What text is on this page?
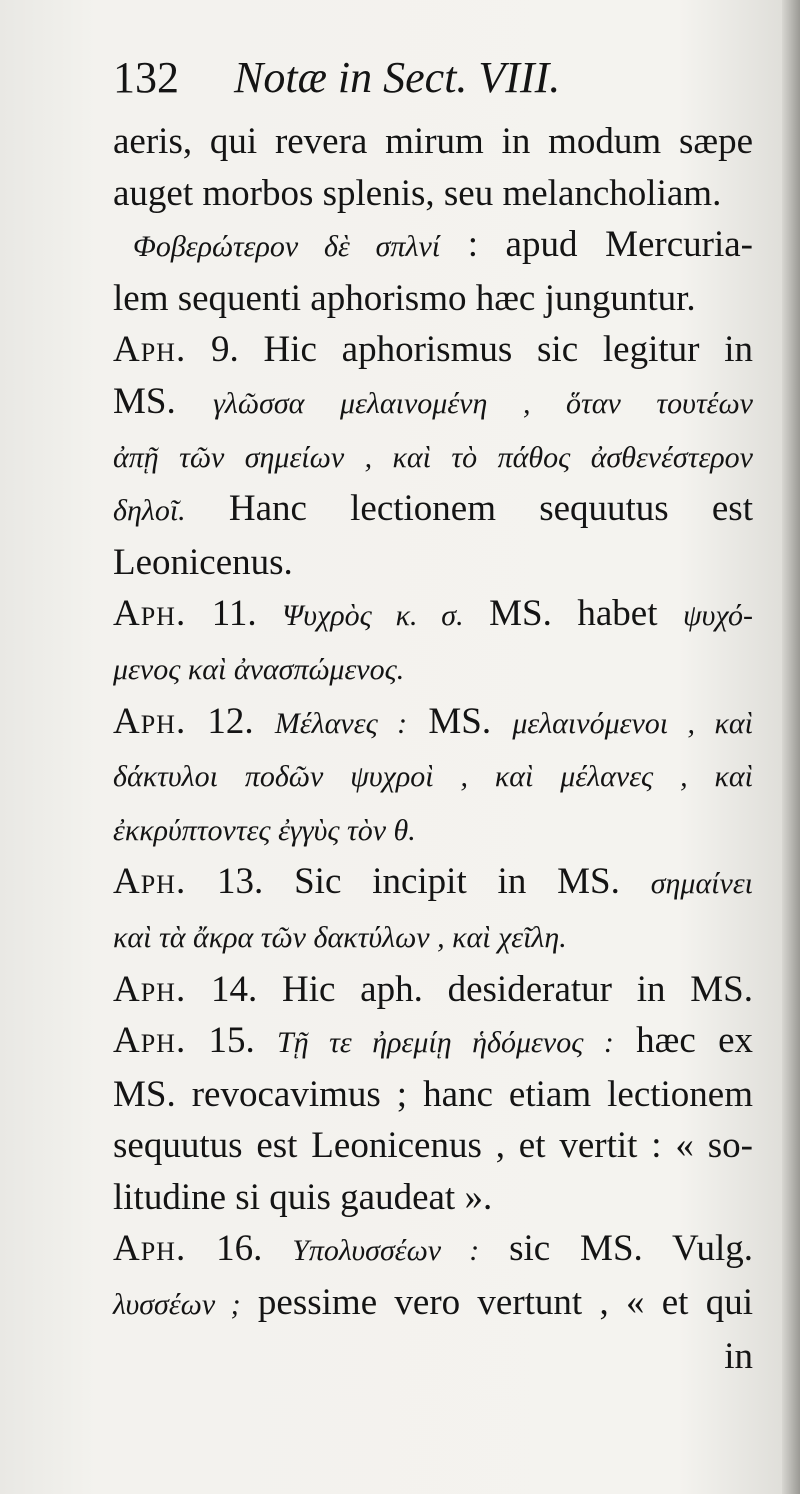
132 Notæ in Sect. VIII.
aeris, qui revera mirum in modum sæpe
auget morbos splenis, seu melancholiam.
Φοβερώτερον δὲ σπλνί : apud Mercuria-
lem sequenti aphorismo hæc junguntur.
Aph. 9. Hic aphorismus sic legitur in
MS. γλῶσσα μελαινομένη , ὅταν τουτέων
ἀπῇ τῶν σημείων , καὶ τὸ πάθος ἀσθενέστερον
δηλοῖ. Hanc lectionem sequutus est
Leonicenus.
Aph. 11. Ψυχρὸς κ. σ. MS. habet ψυχό-
μενος καὶ ἀνασπώμενος.
Aph. 12. Μέλανες : MS. μελαινόμενοι , καὶ
δάκτυλοι ποδῶν ψυχροὶ , καὶ μέλανες , καὶ
ἐκκρύπτοντες ἐγγὺς τὸν θ.
Aph. 13. Sic incipit in MS. σημαίνει
καὶ τὰ ἄκρα τῶν δακτύλων , καὶ χεῖλη.
Aph. 14. Hic aph. desideratur in MS.
Aph. 15. Τῇ τε ἠρεμίῃ ἡδόμενος : hæc ex
MS. revocavimus ; hanc etiam lectionem
sequutus est Leonicenus , et vertit : « so-
litudine si quis gaudeat ».
Aph. 16. Υπολυσσέων : sic MS. Vulg.
λυσσέων ; pessime vero vertunt , « et qui
in
